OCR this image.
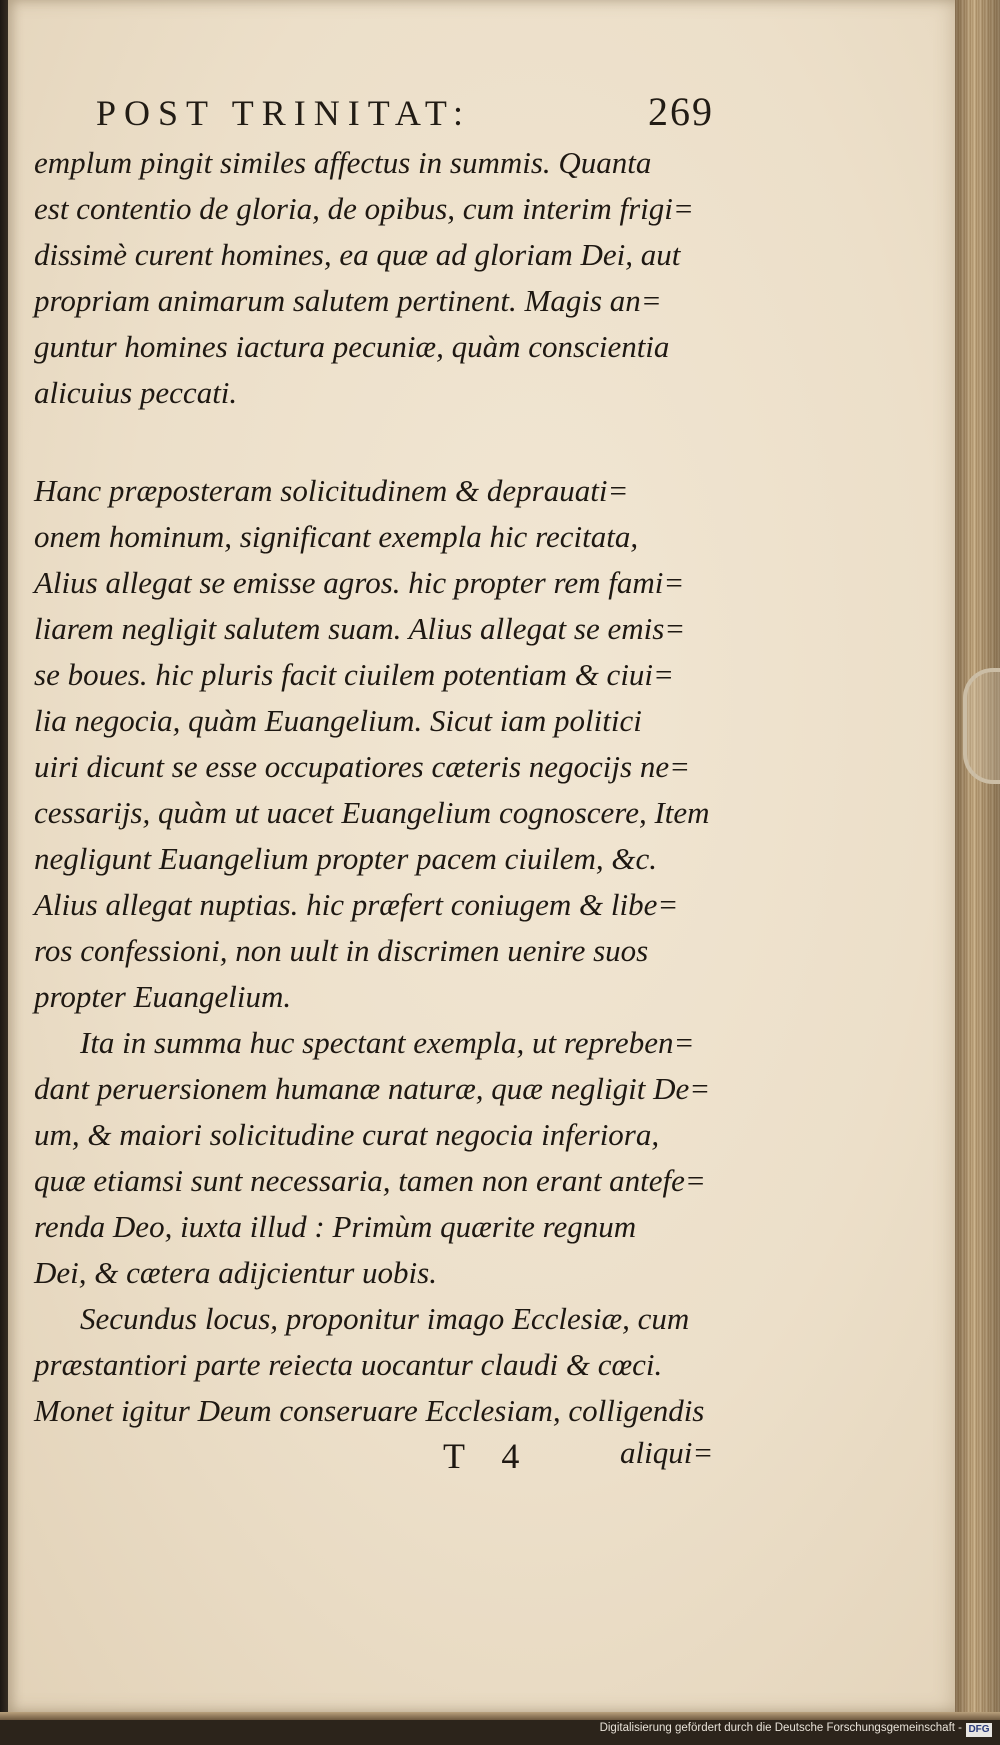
POST TRINITAT:	269
emplum pingit similes affectus in summis. Quanta
est contentio de gloria, de opibus, cum interim frigi=
dissimè curent homines, ea quæ ad gloriam Dei, aut
propriam animarum salutem pertinent. Magis an=
guntur homines iactura pecuniæ, quàm conscientia
alicuius peccati.
Hanc præposteram solicitudinem & deprauati=
onem hominum, significant exempla hic recitata,
Alius allegat se emisse agros. hic propter rem fami=
liarem negligit salutem suam. Alius allegat se emis=
se boues. hic pluris facit ciuilem potentiam & ciui=
lia negocia, quàm Euangelium. Sicut iam politici
uiri dicunt se esse occupatiores cæteris negocijs ne=
cessarijs, quàm ut uacet Euangelium cognoscere, Item
negligunt Euangelium propter pacem ciuilem, &c.
Alius allegat nuptias. hic præfert coniugem & libe=
ros confessioni, non uult in discrimen uenire suos
propter Euangelium.
Ita in summa huc spectant exempla, ut repreben=
dant peruersionem humanæ naturæ, quæ negligit De=
um, & maiori solicitudine curat negocia inferiora,
quæ etiamsi sunt necessaria, tamen non erant antefe=
renda Deo, iuxta illud : Primùm quærite regnum
Dei, & cætera adijcientur uobis.
Secundus locus, proponitur imago Ecclesiæ, cum
præstantiori parte reiecta uocantur claudi & cœci.
Monet igitur Deum conseruare Ecclesiam, colligendis
T 4	aliqui=
Digitalisierung gefördert durch die Deutsche Forschungsgemeinschaft - DFG
